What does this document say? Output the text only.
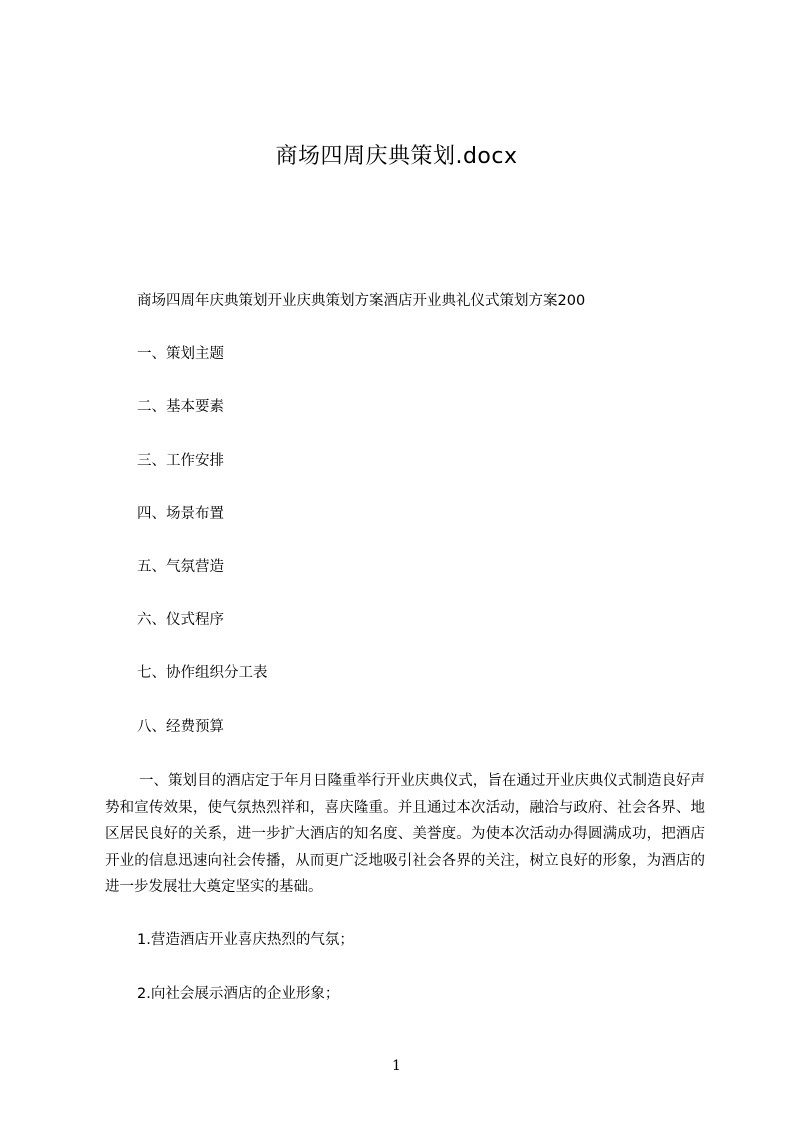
商场四周庆典策划.docx
商场四周年庆典策划开业庆典策划方案酒店开业典礼仪式策划方案200
一、策划主题
二、基本要素
三、工作安排
四、场景布置
五、气氛营造
六、仪式程序
七、协作组织分工表
八、经费预算
一、策划目的酒店定于年月日隆重举行开业庆典仪式，旨在通过开业庆典仪式制造良好声势和宣传效果，使气氛热烈祥和，喜庆隆重。并且通过本次活动，融洽与政府、社会各界、地区居民良好的关系，进一步扩大酒店的知名度、美誉度。为使本次活动办得圆满成功，把酒店开业的信息迅速向社会传播，从而更广泛地吸引社会各界的关注，树立良好的形象，为酒店的进一步发展壮大奠定坚实的基础。
1.营造酒店开业喜庆热烈的气氛；
2.向社会展示酒店的企业形象；
1
